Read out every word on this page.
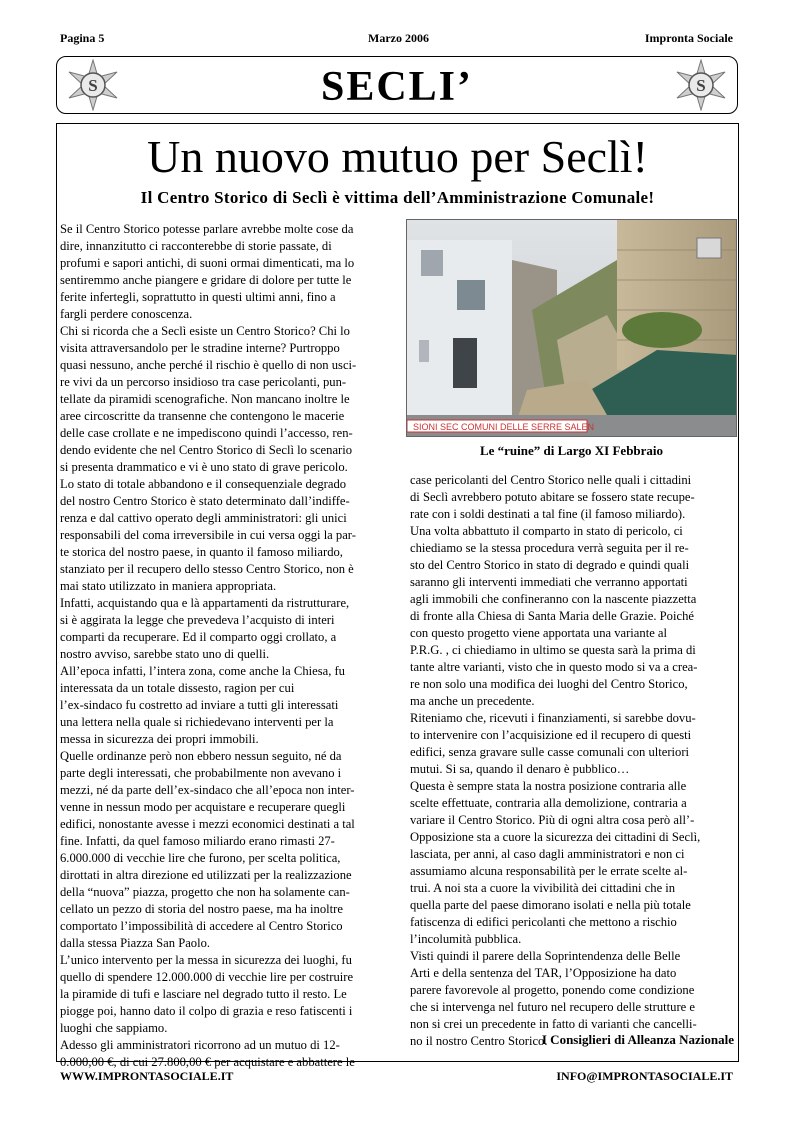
Pagina 5	Marzo 2006	Impronta Sociale
S	SECLI’	S
Un nuovo mutuo per Seclì!
Il Centro Storico di Seclì è vittima dell’Amministrazione Comunale!

Se il Centro Storico potesse parlare avrebbe molte cose da

dire, innanzitutto ci racconterebbe di storie passate, di

profumi e sapori antichi, di suoni ormai dimenticati, ma lo

sentiremmo anche piangere e gridare di dolore per tutte le

ferite infertegli, soprattutto in questi ultimi anni, fino a

fargli perdere conoscenza.

Chi si ricorda che a Seclì esiste un Centro Storico? Chi lo

visita attraversandolo per le stradine interne? Purtroppo

quasi nessuno, anche perché il rischio è quello di non usci-

re vivi da un percorso insidioso tra case pericolanti, pun-

tellate da piramidi scenografiche. Non mancano inoltre le

aree circoscritte da transenne che contengono le macerie

delle case crollate e ne impediscono quindi l’accesso, ren-

dendo evidente che nel Centro Storico di Seclì lo scenario

si presenta drammatico e vi è uno stato di grave pericolo.

Lo stato di totale abbandono e il consequenziale degrado

del nostro Centro Storico è stato determinato dall’indiffe-

renza e dal cattivo operato degli amministratori: gli unici

responsabili del coma irreversibile in cui versa oggi la par-

te storica del nostro paese, in quanto il famoso miliardo,

stanziato per il recupero dello stesso Centro Storico, non è

mai stato utilizzato in maniera appropriata.

Infatti, acquistando qua e là appartamenti da ristrutturare,

si è aggirata la legge che prevedeva l’acquisto di interi

comparti da recuperare. Ed il comparto oggi crollato, a

nostro avviso, sarebbe stato uno di quelli.

All’epoca infatti, l’intera zona, come anche la Chiesa, fu

interessata da un totale dissesto, ragion per cui

l’ex-sindaco fu costretto ad inviare a tutti gli interessati

una lettera nella quale si richiedevano interventi per la

messa in sicurezza dei propri immobili.

Quelle ordinanze però non ebbero nessun seguito, né da

parte degli interessati, che probabilmente non avevano i

mezzi, né da parte dell’ex-sindaco che all’epoca non inter-

venne in nessun modo per acquistare e recuperare quegli

edifici, nonostante avesse i mezzi economici destinati a tal

fine. Infatti, da quel famoso miliardo erano rimasti 27-

6.000.000 di vecchie lire che furono, per scelta politica,

dirottati in altra direzione ed utilizzati per la realizzazione

della “nuova” piazza, progetto che non ha solamente can-

cellato un pezzo di storia del nostro paese, ma ha inoltre

comportato l’impossibilità di accedere al Centro Storico

dalla stessa Piazza San Paolo.

L’unico intervento per la messa in sicurezza dei luoghi, fu

quello di spendere 12.000.000 di vecchie lire per costruire

la piramide di tufi e lasciare nel degrado tutto il resto. Le

piogge poi, hanno dato il colpo di grazia e reso fatiscenti i

luoghi che sappiamo.

Adesso gli amministratori ricorrono ad un mutuo di 12-

0.000,00 €, di cui 27.800,00 € per acquistare e abbattere le

SIONI SEC COMUNI DELLE SERRE SALEN
Le “ruine” di Largo XI Febbraio

case pericolanti del Centro Storico nelle quali i cittadini

di Seclì avrebbero potuto abitare se fossero state recupe-

rate con i soldi destinati a tal fine (il famoso miliardo).

Una volta abbattuto il comparto in stato di pericolo, ci

chiediamo se la stessa procedura verrà seguita per il re-

sto del Centro Storico in stato di degrado e quindi quali

saranno gli interventi immediati che verranno apportati

agli immobili che confineranno con la nascente piazzetta

di fronte alla Chiesa di Santa Maria delle Grazie. Poiché

con questo progetto viene apportata una variante al

P.R.G. , ci chiediamo in ultimo se questa sarà la prima di

tante altre varianti, visto che in questo modo si va a crea-

re non solo una modifica dei luoghi del Centro Storico,

ma anche un precedente.

Riteniamo che, ricevuti i finanziamenti, si sarebbe dovu-

to intervenire con l’acquisizione ed il recupero di questi

edifici, senza gravare sulle casse comunali con ulteriori

mutui. Si sa, quando il denaro è pubblico…

Questa è sempre stata la nostra posizione contraria alle

scelte effettuate, contraria alla demolizione, contraria a

variare il Centro Storico. Più di ogni altra cosa però all’-

Opposizione sta a cuore la sicurezza dei cittadini di Seclì,

lasciata, per anni, al caso dagli amministratori e non ci

assumiamo alcuna responsabilità per le errate scelte al-

trui. A noi sta a cuore la vivibilità dei cittadini che in

quella parte del paese dimorano isolati e nella più totale

fatiscenza di edifici pericolanti che mettono a rischio

l’incolumità pubblica.

Visti quindi il parere della Soprintendenza delle Belle

Arti e della sentenza del TAR, l’Opposizione ha dato

parere favorevole al progetto, ponendo come condizione

che si intervenga nel futuro nel recupero delle strutture e

non si crei un precedente in fatto di varianti che cancelli-

no il nostro Centro Storico.

I Consiglieri di Alleanza Nazionale
WWW.IMPRONTASOCIALE.IT	INFO@IMPRONTASOCIALE.IT
